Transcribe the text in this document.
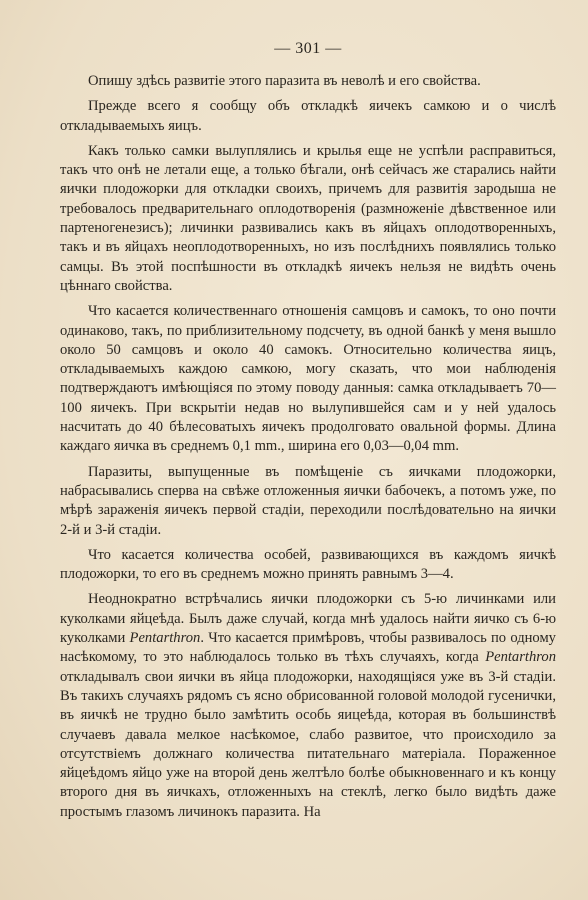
— 301 —

Опишу здѣсь развитіе этого паразита въ неволѣ и его свойства.

Прежде всего я сообщу объ откладкѣ яичекъ самкою и о числѣ откладываемыхъ яицъ.

Какъ только самки вылуплялись и крылья еще не успѣли расправиться, такъ что онѣ не летали еще, а только бѣгали, онѣ сейчасъ же старались найти яички плодожорки для откладки своихъ, причемъ для развитія зародыша не требовалось предварительнаго оплодотворенія (размноженіе дѣвственное или партеногенезисъ); личинки развивались какъ въ яйцахъ оплодотворенныхъ, такъ и въ яйцахъ неоплодотворенныхъ, но изъ послѣднихъ появлялись только самцы. Въ этой поспѣшности въ откладкѣ яичекъ нельзя не видѣть очень цѣннаго свойства.

Что касается количественнаго отношенія самцовъ и самокъ, то оно почти одинаково, такъ, по приблизительному подсчету, въ одной банкѣ у меня вышло около 50 самцовъ и около 40 самокъ. Относительно количества яицъ, откладываемыхъ каждою самкою, могу сказать, что мои наблюденія подтверждаютъ имѣющіяся по этому поводу данныя: самка откладываетъ 70—100 яичекъ. При вскрытіи недав но вылупившейся сам и у ней удалось насчитать до 40 бѣлесоватыхъ яичекъ продолговато овальной формы. Длина каждаго яичка въ среднемъ 0,1 mm., ширина его 0,03—0,04 mm.

Паразиты, выпущенные въ помѣщеніе съ яичками плодожорки, набрасывались сперва на свѣже отложенныя яички бабочекъ, а потомъ уже, по мѣрѣ зараженія яичекъ первой стадіи, переходили послѣдовательно на яички 2-й и 3-й стадіи.

Что касается количества особей, развивающихся въ каждомъ яичкѣ плодожорки, то его въ среднемъ можно принять равнымъ 3—4.

Неоднократно встрѣчались яички плодожорки съ 5-ю личинками или куколками яйцеѣда. Былъ даже случай, когда мнѣ удалось найти яичко съ 6-ю куколками Pentarthron. Что касается примѣровъ, чтобы развивалось по одному насѣкомому, то это наблюдалось только въ тѣхъ случаяхъ, когда Pentarthron откладывалъ свои яички въ яйца плодожорки, находящіяся уже въ 3-й стадіи. Въ такихъ случаяхъ рядомъ съ ясно обрисованной головой молодой гусенички, въ яичкѣ не трудно было замѣтить особь яицеѣда, которая въ большинствѣ случаевъ давала мелкое насѣкомое, слабо развитое, что происходило за отсутствіемъ должнаго количества питательнаго матеріала. Пораженное яйцеѣдомъ яйцо уже на второй день желтѣло болѣе обыкновеннаго и къ концу второго дня въ яичкахъ, отложенныхъ на стеклѣ, легко было видѣть даже простымъ глазомъ личинокъ паразита. На
